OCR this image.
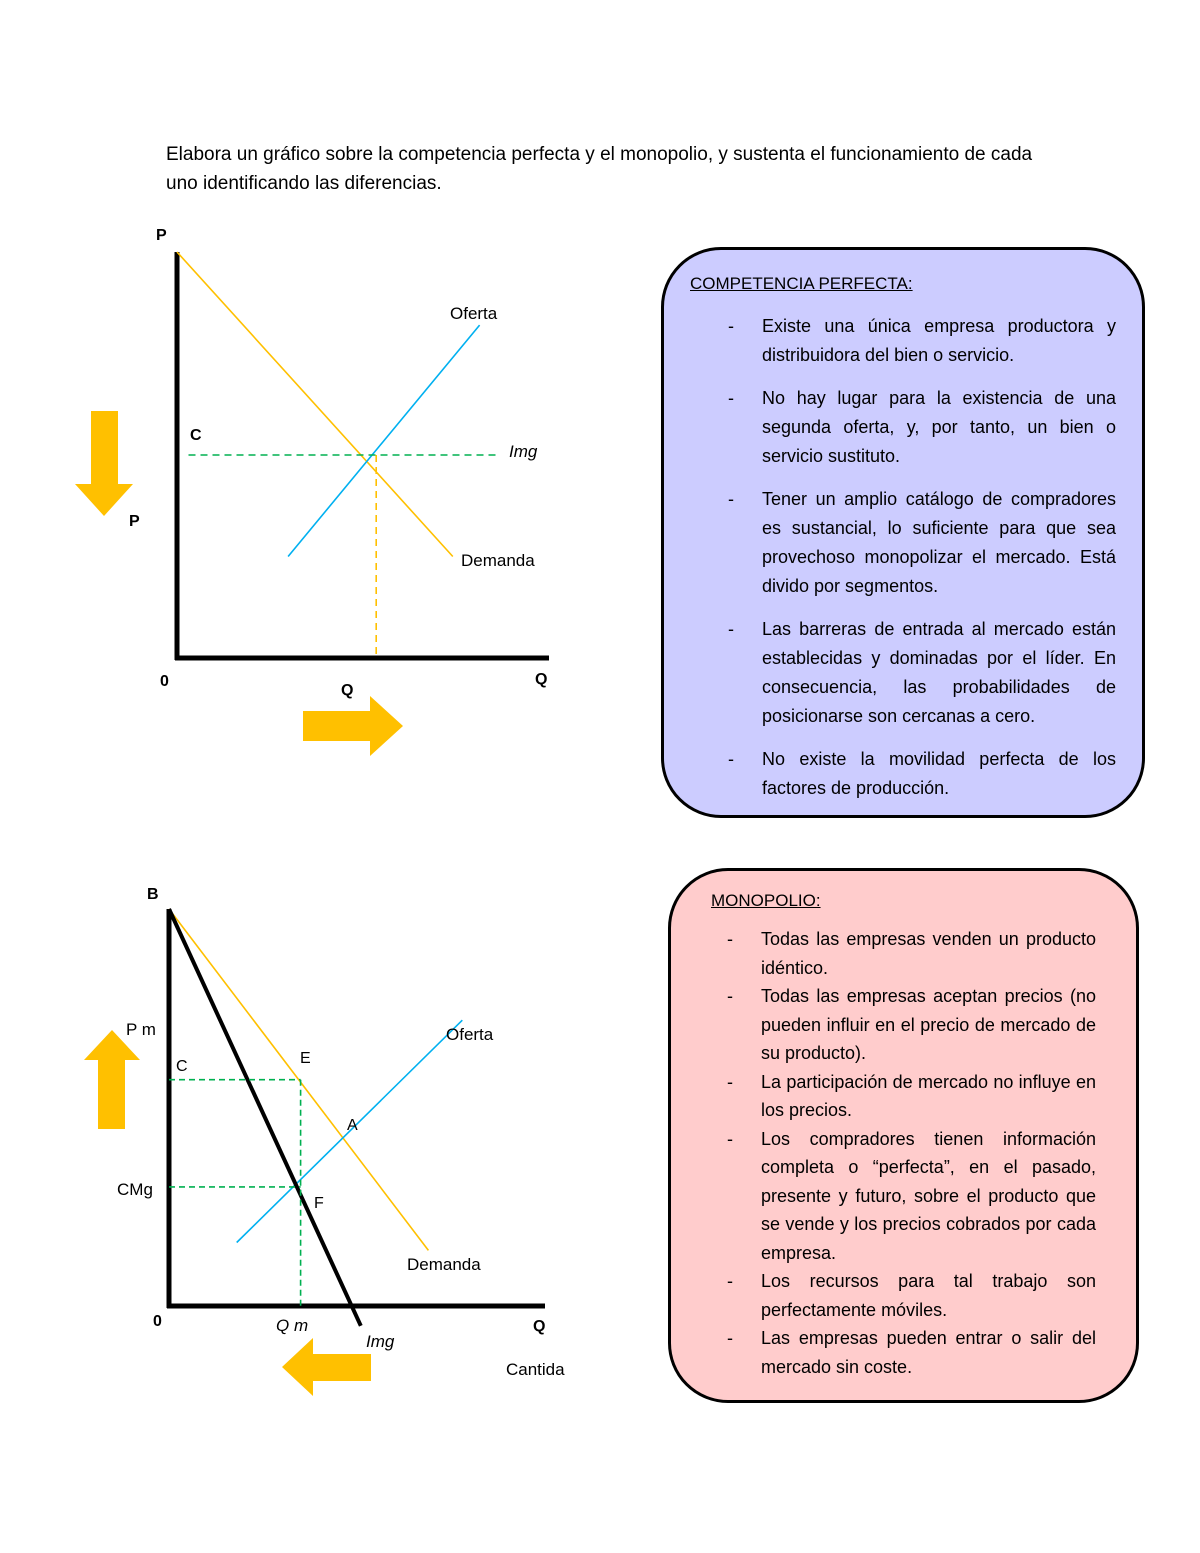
Elabora un gráfico sobre la competencia perfecta y el monopolio, y sustenta el funcionamiento de cada uno identificando las diferencias.
P
P
C
0
Q
Q
Oferta
Demanda
Img
B
P m
C
CMg
0	Q m	Q
E
A
F
Oferta
Demanda
Img
Cantida
COMPETENCIA PERFECTA:
- Existe una única empresa productora y distribuidora del bien o servicio.
- No hay lugar para la existencia de una segunda oferta, y, por tanto, un bien o servicio sustituto.
- Tener un amplio catálogo de compradores es sustancial, lo suficiente para que sea provechoso monopolizar el mercado. Está divido por segmentos.
- Las barreras de entrada al mercado están establecidas y dominadas por el líder. En consecuencia, las probabilidades de posicionarse son cercanas a cero.
- No existe la movilidad perfecta de los factores de producción.
MONOPOLIO:
- Todas las empresas venden un producto idéntico.
- Todas las empresas aceptan precios (no pueden influir en el precio de mercado de su producto).
- La participación de mercado no influye en los precios.
- Los compradores tienen información completa o “perfecta”, en el pasado, presente y futuro, sobre el producto que se vende y los precios cobrados por cada empresa.
- Los recursos para tal trabajo son perfectamente móviles.
- Las empresas pueden entrar o salir del mercado sin coste.
